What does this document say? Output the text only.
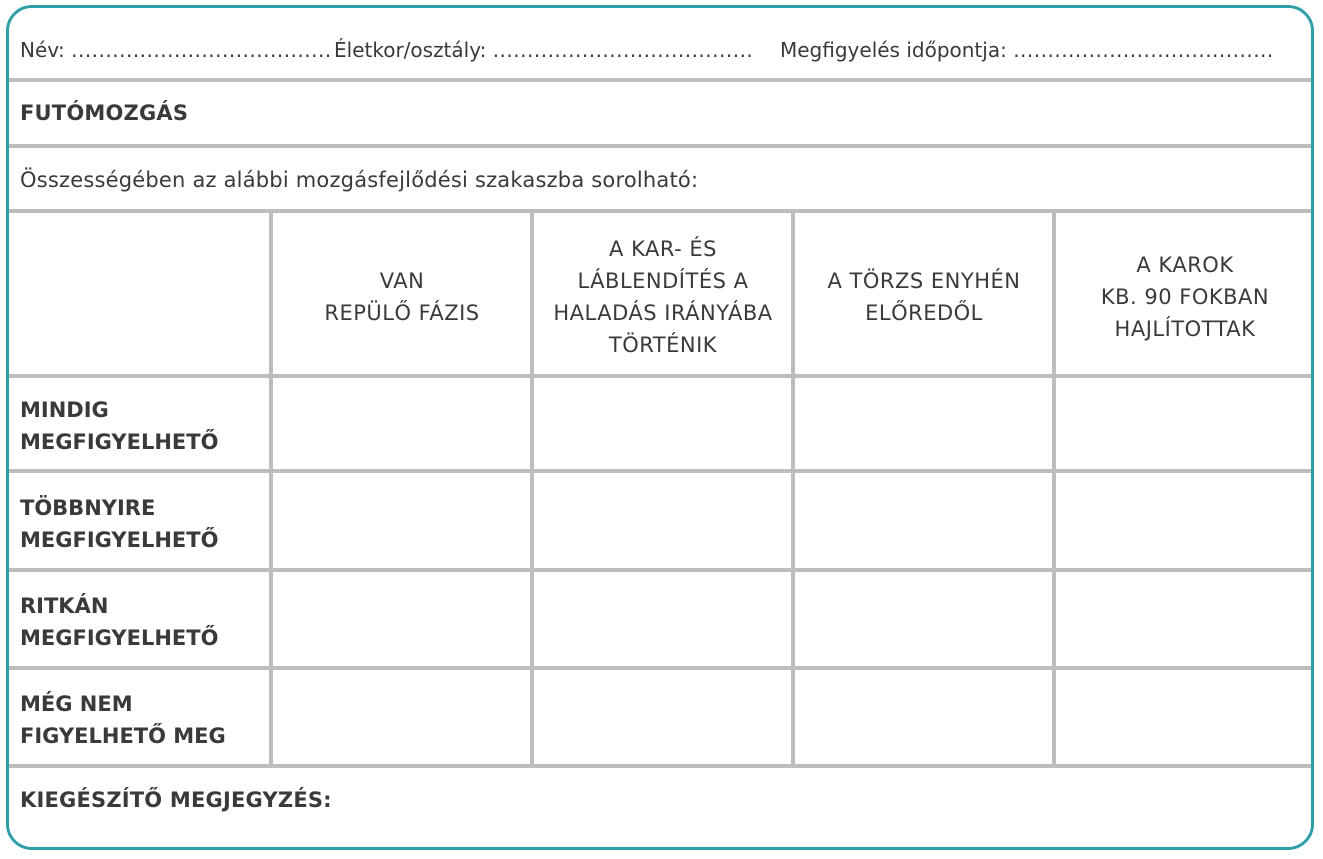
Név: ...................................... Életkor/osztály: ...................................... Megfigyelés időpontja: ......................................
FUTÓMOZGÁS
Összességében az alábbi mozgásfejlődési szakaszba sorolható:
VAN
REPÜLŐ FÁZIS
A KAR- ÉS
LÁBLENDÍTÉS A
HALADÁS IRÁNYÁBA
TÖRTÉNIK
A TÖRZS ENYHÉN
ELŐREDŐL
A KAROK
KB. 90 FOKBAN
HAJLÍTOTTAK
MINDIG
MEGFIGYELHETŐ
TÖBBNYIRE
MEGFIGYELHETŐ
RITKÁN
MEGFIGYELHETŐ
MÉG NEM
FIGYELHETŐ MEG
KIEGÉSZÍTŐ MEGJEGYZÉS:
